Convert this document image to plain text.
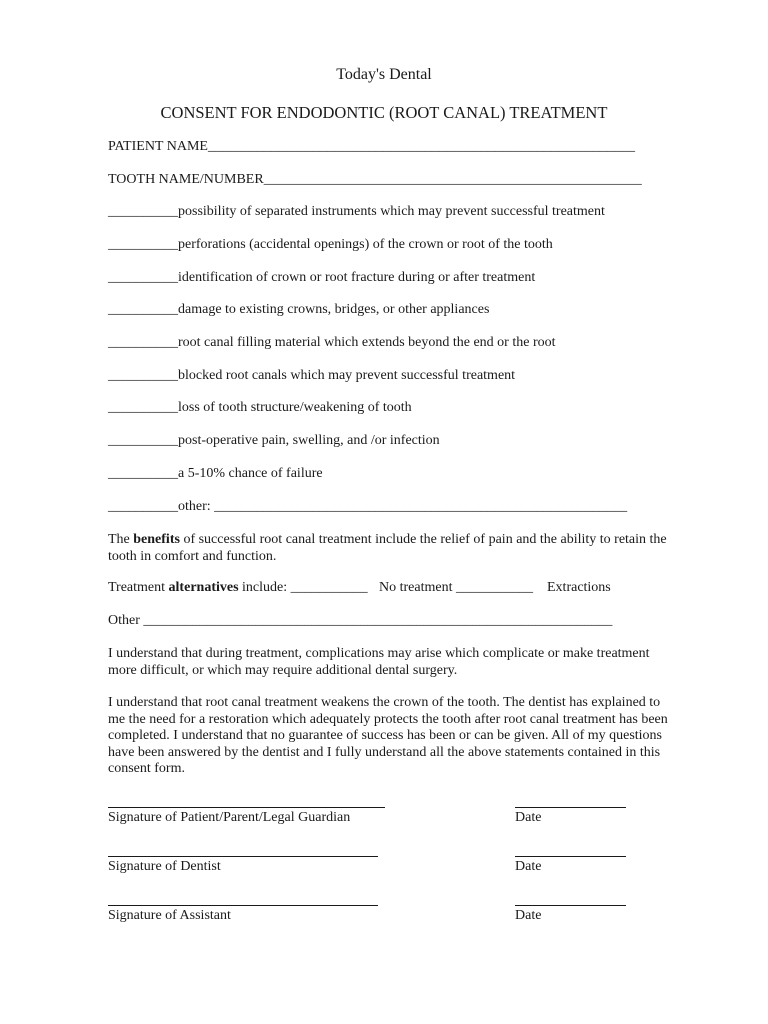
Today's Dental
CONSENT FOR ENDODONTIC (ROOT CANAL) TREATMENT
PATIENT NAME_____________________________________________________________
TOOTH NAME/NUMBER______________________________________________________
__________possibility of separated instruments which may prevent successful treatment
__________perforations (accidental openings) of the crown or root of the tooth
__________identification of crown or root fracture during or after treatment
__________damage to existing crowns, bridges, or other appliances
__________root canal filling material which extends beyond the end or the root
__________blocked root canals which may prevent successful treatment
__________loss of tooth structure/weakening of tooth
__________post-operative pain, swelling, and /or infection
__________a 5-10% chance of failure
__________other: ___________________________________________________________
The benefits of successful root canal treatment include the relief of pain and the ability to retain the tooth in comfort and function.
Treatment alternatives include: ___________ No treatment ___________ Extractions
Other ___________________________________________________________________
I understand that during treatment, complications may arise which complicate or make treatment more difficult, or which may require additional dental surgery.
I understand that root canal treatment weakens the crown of the tooth. The dentist has explained to me the need for a restoration which adequately protects the tooth after root canal treatment has been completed. I understand that no guarantee of success has been or can be given. All of my questions have been answered by the dentist and I fully understand all the above statements contained in this consent form.
Signature of Patient/Parent/Legal Guardian	Date
Signature of Dentist	Date
Signature of Assistant	Date
